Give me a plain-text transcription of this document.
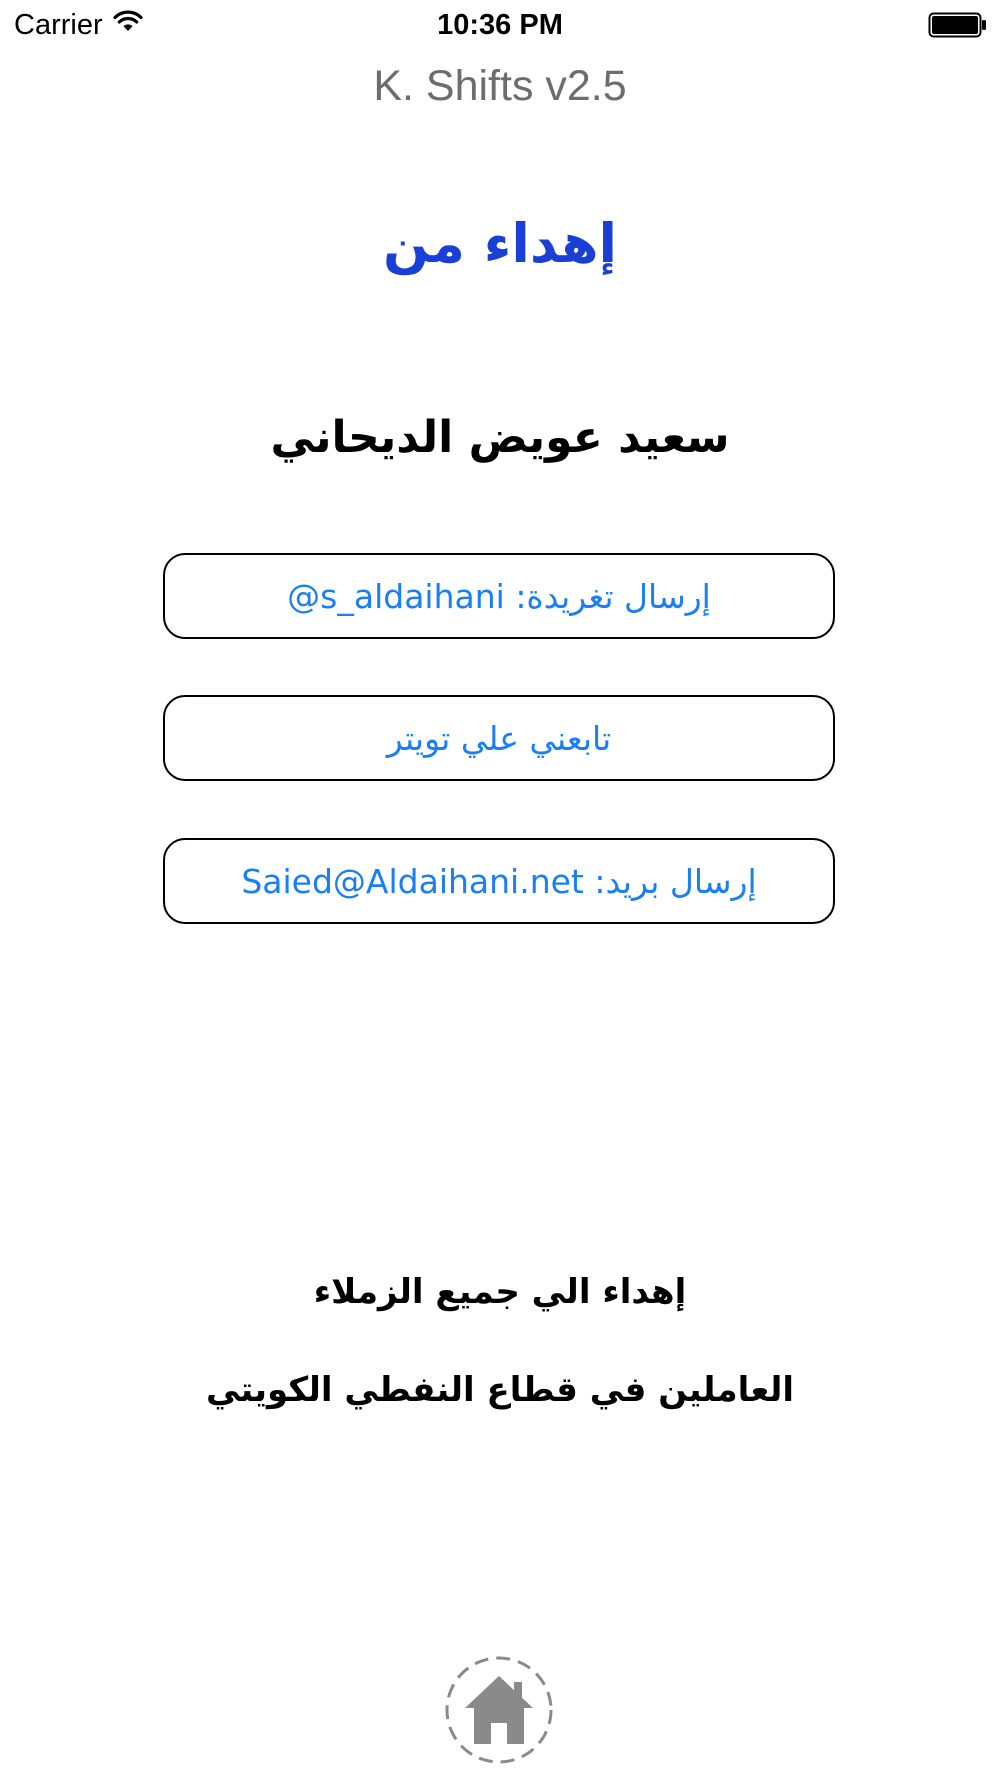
Carrier	10:36 PM
K. Shifts v2.5
إهداء من
سعيد عويض الديحاني
إرسال تغريدة: s_aldaihani@
تابعني علي تويتر
إرسال بريد: Saied@Aldaihani.net
إهداء الي جميع الزملاء
العاملين في قطاع النفطي الكويتي
